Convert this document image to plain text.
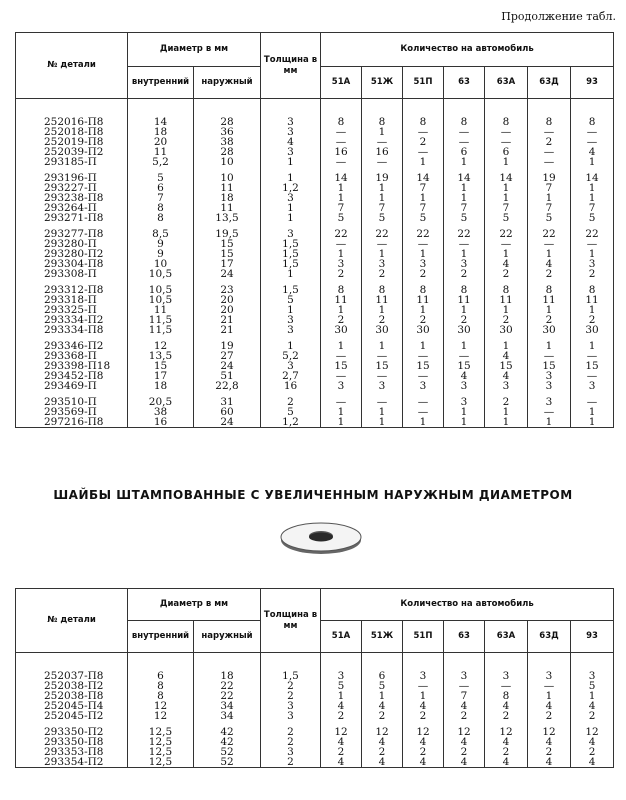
Продолжение табл.
№ детали	Диаметр в мм		Толщина в мм	Количество на автомобиль						
	внутренний	наружный		51А	51Ж	51П	63	63А	63Д	93

252016-П8	14	28	3	8	8	8	8	8	8	8
252018-П8	18	36	3	—	1	—	—	—	—	—
252019-П8	20	38	4	—	—	2	—	—	2	—
252039-П2	11	28	3	16	16	—	6	6	—	4
293185-П	5,2	10	1	—	—	1	1	1	—	1

293196-П	5	10	1	14	19	14	14	14	19	14
293227-П	6	11	1,2	1	1	7	1	1	7	1
293238-П8	7	18	3	1	1	1	1	1	1	1
293264-П	8	11	1	7	7	7	7	7	7	7
293271-П8	8	13,5	1	5	5	5	5	5	5	5

293277-П8	8,5	19,5	3	22	22	22	22	22	22	22
293280-П	9	15	1,5	—	—	—	—	—	—	—
293280-П2	9	15	1,5	1	1	1	1	1	1	1
293304-П8	10	17	1,5	3	3	3	3	4	4	3
293308-П	10,5	24	1	2	2	2	2	2	2	2

293312-П8	10,5	23	1,5	8	8	8	8	8	8	8
293318-П	10,5	20	5	11	11	11	11	11	11	11
293325-П	11	20	1	1	1	1	1	1	1	1
293334-П2	11,5	21	3	2	2	2	2	2	2	2
293334-П8	11,5	21	3	30	30	30	30	30	30	30

293346-П2	12	19	1	1	1	1	1	1	1	1
293368-П	13,5	27	5,2	—	—	—	—	4	—	—
293398-П18	15	24	3	15	15	15	15	15	15	15
293452-П8	17	51	2,7	—	—	—	4	4	3	—
293469-П	18	22,8	16	3	3	3	3	3	3	3

293510-П	20,5	31	2	—	—	—	3	2	3	—
293569-П	38	60	5	1	1	—	1	1	—	1
297216-П8	16	24	1,2	1	1	1	1	1	1	1
ШАЙБЫ ШТАМПОВАННЫЕ С УВЕЛИЧЕННЫМ НАРУЖНЫМ ДИАМЕТРОМ
№ детали	Диаметр в мм		Толщина в мм	Количество на автомобиль						
	внутренний	наружный		51А	51Ж	51П	63	63А	63Д	93

252037-П8	6	18	1,5	3	6	3	3	3	3	3
252038-П2	8	22	2	5	5	—	—	—	—	5
252038-П8	8	22	2	1	1	1	7	8	1	1
252045-П4	12	34	3	4	4	4	4	4	4	4
252045-П2	12	34	3	2	2	2	2	2	2	2

293350-П2	12,5	42	2	12	12	12	12	12	12	12
293350-П8	12,5	42	2	4	4	4	4	4	4	4
293353-П8	12,5	52	3	2	2	2	2	2	2	2
293354-П2	12,5	52	2	4	4	4	4	4	4	4
